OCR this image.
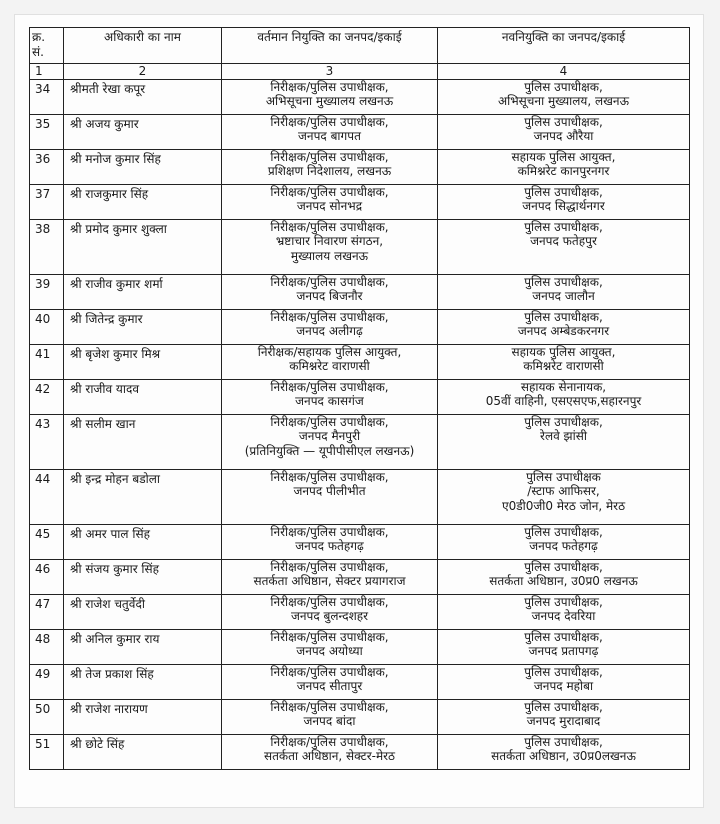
क्र.
सं.	अधिकारी का नाम	वर्तमान नियुक्ति का जनपद/इकाई	नवनियुक्ति का जनपद/इकाई
1	2	3	4
34	श्रीमती रेखा कपूर	निरीक्षक/पुलिस उपाधीक्षक,
अभिसूचना मुख्यालय लखनऊ	पुलिस उपाधीक्षक,
अभिसूचना मुख्यालय, लखनऊ

35	श्री अजय कुमार	निरीक्षक/पुलिस उपाधीक्षक,
जनपद बागपत	पुलिस उपाधीक्षक,
जनपद औरैया

36	श्री मनोज कुमार सिंह	निरीक्षक/पुलिस उपाधीक्षक,
प्रशिक्षण निदेशालय, लखनऊ	सहायक पुलिस आयुक्त,
कमिश्नरेट कानपुरनगर

37	श्री राजकुमार सिंह	निरीक्षक/पुलिस उपाधीक्षक,
जनपद सोनभद्र	पुलिस उपाधीक्षक,
जनपद सिद्धार्थनगर

38	श्री प्रमोद कुमार शुक्ला	निरीक्षक/पुलिस उपाधीक्षक,
भ्रष्टाचार निवारण संगठन,
मुख्यालय लखनऊ	पुलिस उपाधीक्षक,
जनपद फतेहपुर

39	श्री राजीव कुमार शर्मा	निरीक्षक/पुलिस उपाधीक्षक,
जनपद बिजनौर	पुलिस उपाधीक्षक,
जनपद जालौन

40	श्री जितेन्द्र कुमार	निरीक्षक/पुलिस उपाधीक्षक,
जनपद अलीगढ़	पुलिस उपाधीक्षक,
जनपद अम्बेडकरनगर

41	श्री बृजेश कुमार मिश्र	निरीक्षक/सहायक पुलिस आयुक्त,
कमिश्नरेट वाराणसी	सहायक पुलिस आयुक्त,
कमिश्नरेट वाराणसी

42	श्री राजीव यादव	निरीक्षक/पुलिस उपाधीक्षक,
जनपद कासगंज	सहायक सेनानायक,
05वीं वाहिनी, एसएसएफ,सहारनपुर

43	श्री सलीम खान	निरीक्षक/पुलिस उपाधीक्षक,
जनपद मैनपुरी
(प्रतिनियुक्ति — यूपीपीसीएल लखनऊ)	पुलिस उपाधीक्षक,
रेलवे झांसी

44	श्री इन्द्र मोहन बडोला	निरीक्षक/पुलिस उपाधीक्षक,
जनपद पीलीभीत	पुलिस उपाधीक्षक
/स्टाफ आफिसर,
ए0डी0जी0 मेरठ जोन, मेरठ

45	श्री अमर पाल सिंह	निरीक्षक/पुलिस उपाधीक्षक,
जनपद फतेहगढ़	पुलिस उपाधीक्षक,
जनपद फतेहगढ़

46	श्री संजय कुमार सिंह	निरीक्षक/पुलिस उपाधीक्षक,
सतर्कता अधिष्ठान, सेक्टर प्रयागराज	पुलिस उपाधीक्षक,
सतर्कता अधिष्ठान, उ0प्र0 लखनऊ

47	श्री राजेश चतुर्वेदी	निरीक्षक/पुलिस उपाधीक्षक,
जनपद बुलन्दशहर	पुलिस उपाधीक्षक,
जनपद देवरिया

48	श्री अनिल कुमार राय	निरीक्षक/पुलिस उपाधीक्षक,
जनपद अयोध्या	पुलिस उपाधीक्षक,
जनपद प्रतापगढ़

49	श्री तेज प्रकाश सिंह	निरीक्षक/पुलिस उपाधीक्षक,
जनपद सीतापुर	पुलिस उपाधीक्षक,
जनपद महोबा

50	श्री राजेश नारायण	निरीक्षक/पुलिस उपाधीक्षक,
जनपद बांदा	पुलिस उपाधीक्षक,
जनपद मुरादाबाद

51	श्री छोटे सिंह	निरीक्षक/पुलिस उपाधीक्षक,
सतर्कता अधिष्ठान, सेक्टर-मेरठ	पुलिस उपाधीक्षक,
सतर्कता अधिष्ठान, उ0प्र0लखनऊ
